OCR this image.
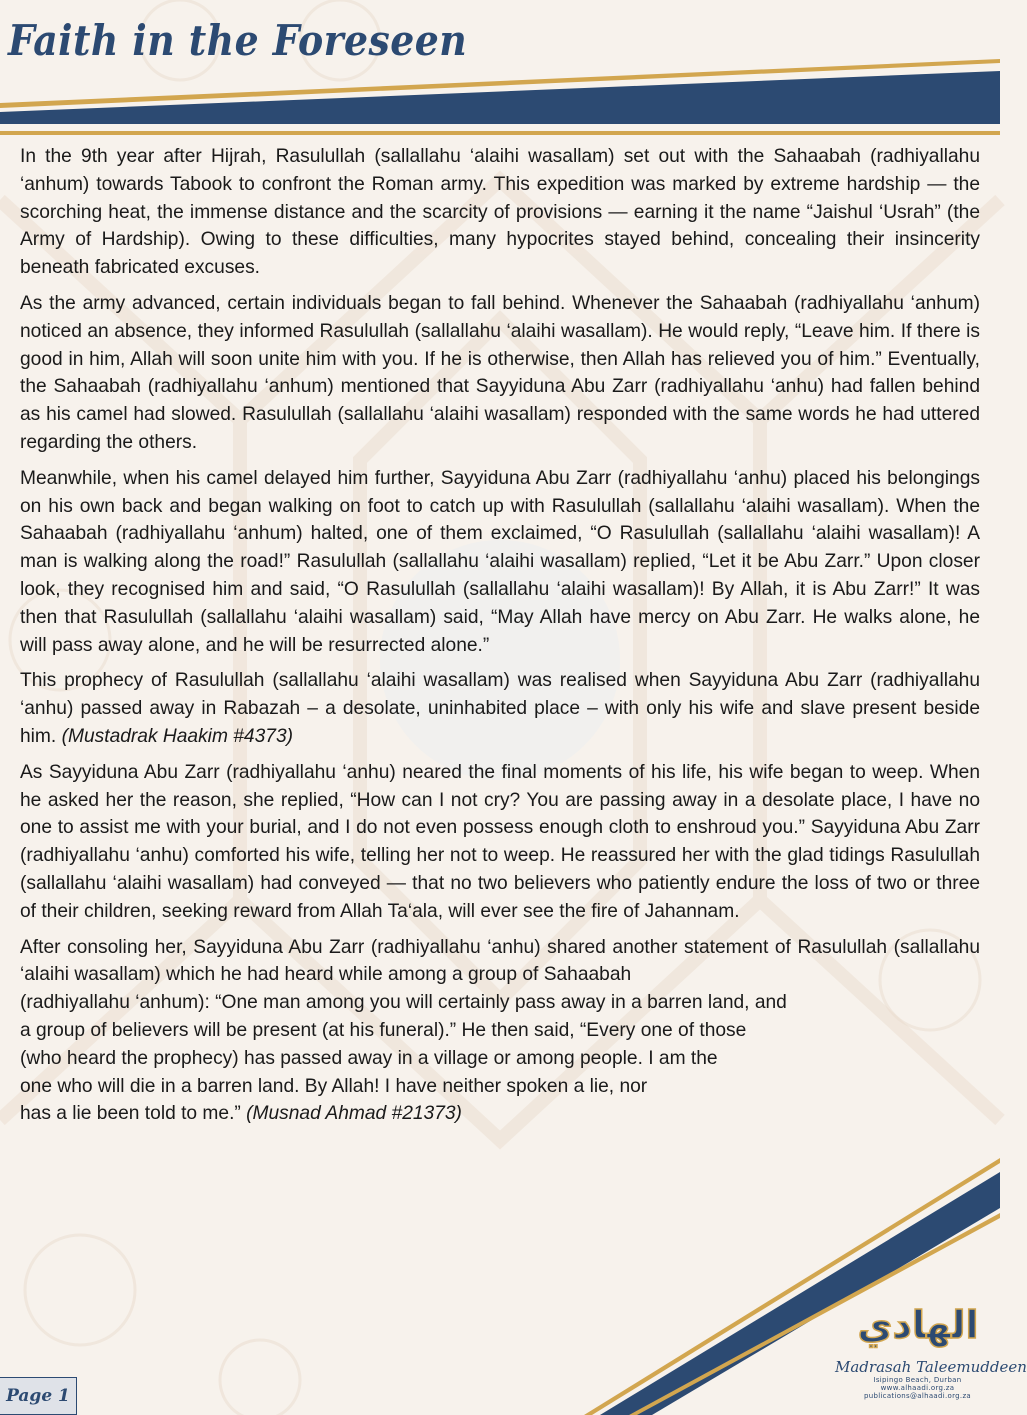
Faith in the Foreseen

In the 9th year after Hijrah, Rasulullah (sallallahu ‘alaihi wasallam) set out with the Sahaabah (radhiyallahu ‘anhum) towards Tabook to confront the Roman army. This expedition was marked by extreme hardship — the scorching heat, the immense distance and the scarcity of provisions — earning it the name “Jaishul ‘Usrah” (the Army of Hardship). Owing to these difficulties, many hypocrites stayed behind, concealing their insincerity beneath fabricated excuses.

As the army advanced, certain individuals began to fall behind. Whenever the Sahaabah (radhiyallahu ‘anhum) noticed an absence, they informed Rasulullah (sallallahu ‘alaihi wasallam). He would reply, “Leave him. If there is good in him, Allah will soon unite him with you. If he is otherwise, then Allah has relieved you of him.” Eventually, the Sahaabah (radhiyallahu ‘anhum) mentioned that Sayyiduna Abu Zarr (radhiyallahu ‘anhu) had fallen behind as his camel had slowed. Rasulullah (sallallahu ‘alaihi wasallam) responded with the same words he had uttered regarding the others.

Meanwhile, when his camel delayed him further, Sayyiduna Abu Zarr (radhiyallahu ‘anhu) placed his belongings on his own back and began walking on foot to catch up with Rasulullah (sallallahu ‘alaihi wasallam). When the Sahaabah (radhiyallahu ‘anhum) halted, one of them exclaimed, “O Rasulullah (sallallahu ‘alaihi wasallam)! A man is walking along the road!” Rasulullah (sallallahu ‘alaihi wasallam) replied, “Let it be Abu Zarr.” Upon closer look, they recognised him and said, “O Rasulullah (sallallahu ‘alaihi wasallam)! By Allah, it is Abu Zarr!” It was then that Rasulullah (sallallahu ‘alaihi wasallam) said, “May Allah have mercy on Abu Zarr. He walks alone, he will pass away alone, and he will be resurrected alone.”

This prophecy of Rasulullah (sallallahu ‘alaihi wasallam) was realised when Sayyiduna Abu Zarr (radhiyallahu ‘anhu) passed away in Rabazah – a desolate, uninhabited place – with only his wife and slave present beside him. (Mustadrak Haakim #4373)

As Sayyiduna Abu Zarr (radhiyallahu ‘anhu) neared the final moments of his life, his wife began to weep. When he asked her the reason, she replied, “How can I not cry? You are passing away in a desolate place, I have no one to assist me with your burial, and I do not even possess enough cloth to enshroud you.” Sayyiduna Abu Zarr (radhiyallahu ‘anhu) comforted his wife, telling her not to weep. He reassured her with the glad tidings Rasulullah (sallallahu ‘alaihi wasallam) had conveyed — that no two believers who patiently endure the loss of two or three of their children, seeking reward from Allah Ta‘ala, will ever see the fire of Jahannam.

After consoling her, Sayyiduna Abu Zarr (radhiyallahu ‘anhu) shared another statement of Rasulullah (sallallahu ‘alaihi wasallam) which he had heard while among a group of Sahaabah

(radhiyallahu ‘anhum): “One man among you will certainly pass away in a barren land, and

a group of believers will be present (at his funeral).” He then said, “Every one of those

(who heard the prophecy) has passed away in a village or among people. I am the

one who will die in a barren land. By Allah! I have neither spoken a lie, nor

has a lie been told to me.” (Musnad Ahmad #21373)

الهادي
Madrasah Taleemuddeen
Isipingo Beach, Durban
www.alhaadi.org.za
publications@alhaadi.org.za
Page 1
